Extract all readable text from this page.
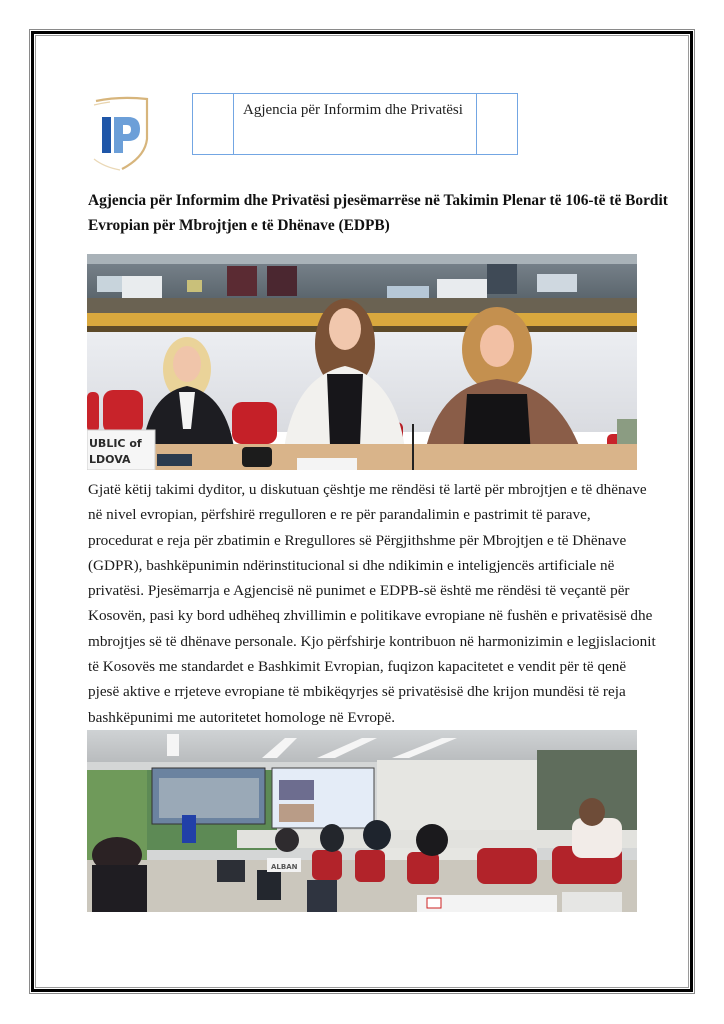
Agjencia për Informim dhe Privatësi
Agjencia për Informim dhe Privatësi pjesëmarrëse në Takimin Plenar të 106-të të Bordit
Evropian për Mbrojtjen e të Dhënave (EDPB)
UBLIC of
LDOVA
Gjatë këtij takimi dyditor, u diskutuan çështje me rëndësi të lartë për mbrojtjen e të dhënave
në nivel evropian, përfshirë rregulloren e re për parandalimin e pastrimit të parave,
procedurat e reja për zbatimin e Rregullores së Përgjithshme për Mbrojtjen e të Dhënave
(GDPR), bashkëpunimin ndërinstitucional si dhe ndikimin e inteligjencës artificiale në
privatësi. Pjesëmarrja e Agjencisë në punimet e EDPB-së është me rëndësi të veçantë për
Kosovën, pasi ky bord udhëheq zhvillimin e politikave evropiane në fushën e privatësisë dhe
mbrojtjes së të dhënave personale. Kjo përfshirje kontribuon në harmonizimin e legjislacionit
të Kosovës me standardet e Bashkimit Evropian, fuqizon kapacitetet e vendit për të qenë
pjesë aktive e rrjeteve evropiane të mbikëqyrjes së privatësisë dhe krijon mundësi të reja
bashkëpunimi me autoritetet homologe në Evropë.
ALBAN
